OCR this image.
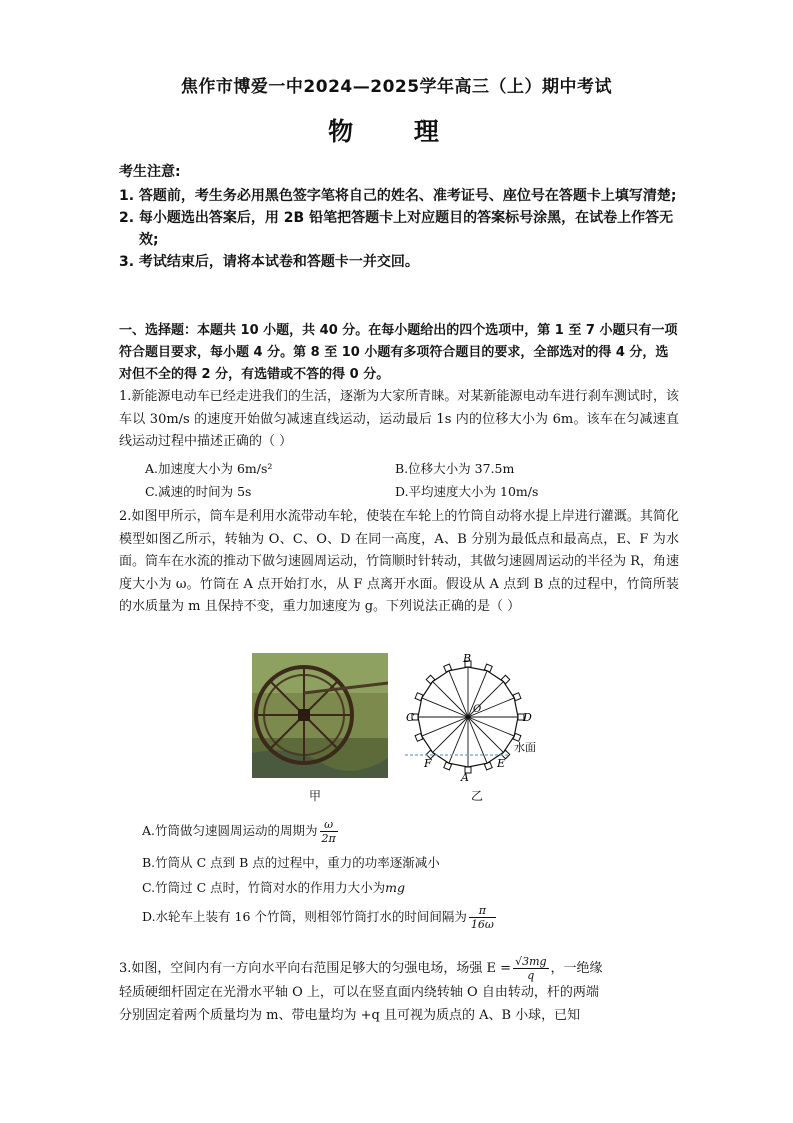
焦作市博爱一中2024—2025学年高三（上）期中考试
物 理
考生注意:
1. 答题前，考生务必用黑色签字笔将自己的姓名、准考证号、座位号在答题卡上填写清楚;
2. 每小题选出答案后，用 2B 铅笔把答题卡上对应题目的答案标号涂黑，在试卷上作答无效;
3. 考试结束后，请将本试卷和答题卡一并交回。
一、选择题：本题共 10 小题，共 40 分。在每小题给出的四个选项中，第 1 至 7 小题只有一项符合题目要求，每小题 4 分。第 8 至 10 小题有多项符合题目的要求，全部选对的得 4 分，选对但不全的得 2 分，有选错或不答的得 0 分。
1.新能源电动车已经走进我们的生活，逐渐为大家所青睐。对某新能源电动车进行刹车测试时，该车以 30m/s 的速度开始做匀减速直线运动，运动最后 1s 内的位移大小为 6m。该车在匀减速直线运动过程中描述正确的（ ）
A.加速度大小为 6m/s²	B.位移大小为 37.5m
C.减速的时间为 5s	D.平均速度大小为 10m/s
2.如图甲所示，筒车是利用水流带动车轮，使装在车轮上的竹筒自动将水提上岸进行灌溉。其简化模型如图乙所示，转轴为 O、C、O、D 在同一高度，A、B 分别为最低点和最高点，E、F 为水面。筒车在水流的推动下做匀速圆周运动，竹筒顺时针转动，其做匀速圆周运动的半径为 R，角速度大小为 ω。竹筒在 A 点开始打水，从 F 点离开水面。假设从 A 点到 B 点的过程中，竹筒所装的水质量为 m 且保持不变，重力加速度为 g。下列说法正确的是（ ）
甲
B
A
C	D
O
E
F
水面
乙
A.竹筒做匀速圆周运动的周期为 $\frac{\omega}{2\pi}$
B.竹筒从 C 点到 B 点的过程中，重力的功率逐渐减小
C.竹筒过 C 点时，竹筒对水的作用力大小为mg
D.水轮车上装有 16 个竹筒，则相邻竹筒打水的时间间隔为 $\frac{\pi}{16\omega}$
3.如图，空间内有一方向水平向右范围足够大的匀强电场，场强 $E = \frac{√3mg}{q}$ ，一绝缘
轻质硬细杆固定在光滑水平轴 O 上，可以在竖直面内绕转轴 O 自由转动，杆的两端
分别固定着两个质量均为 m、带电量均为 +q 且可视为质点的 A、B 小球，已知
